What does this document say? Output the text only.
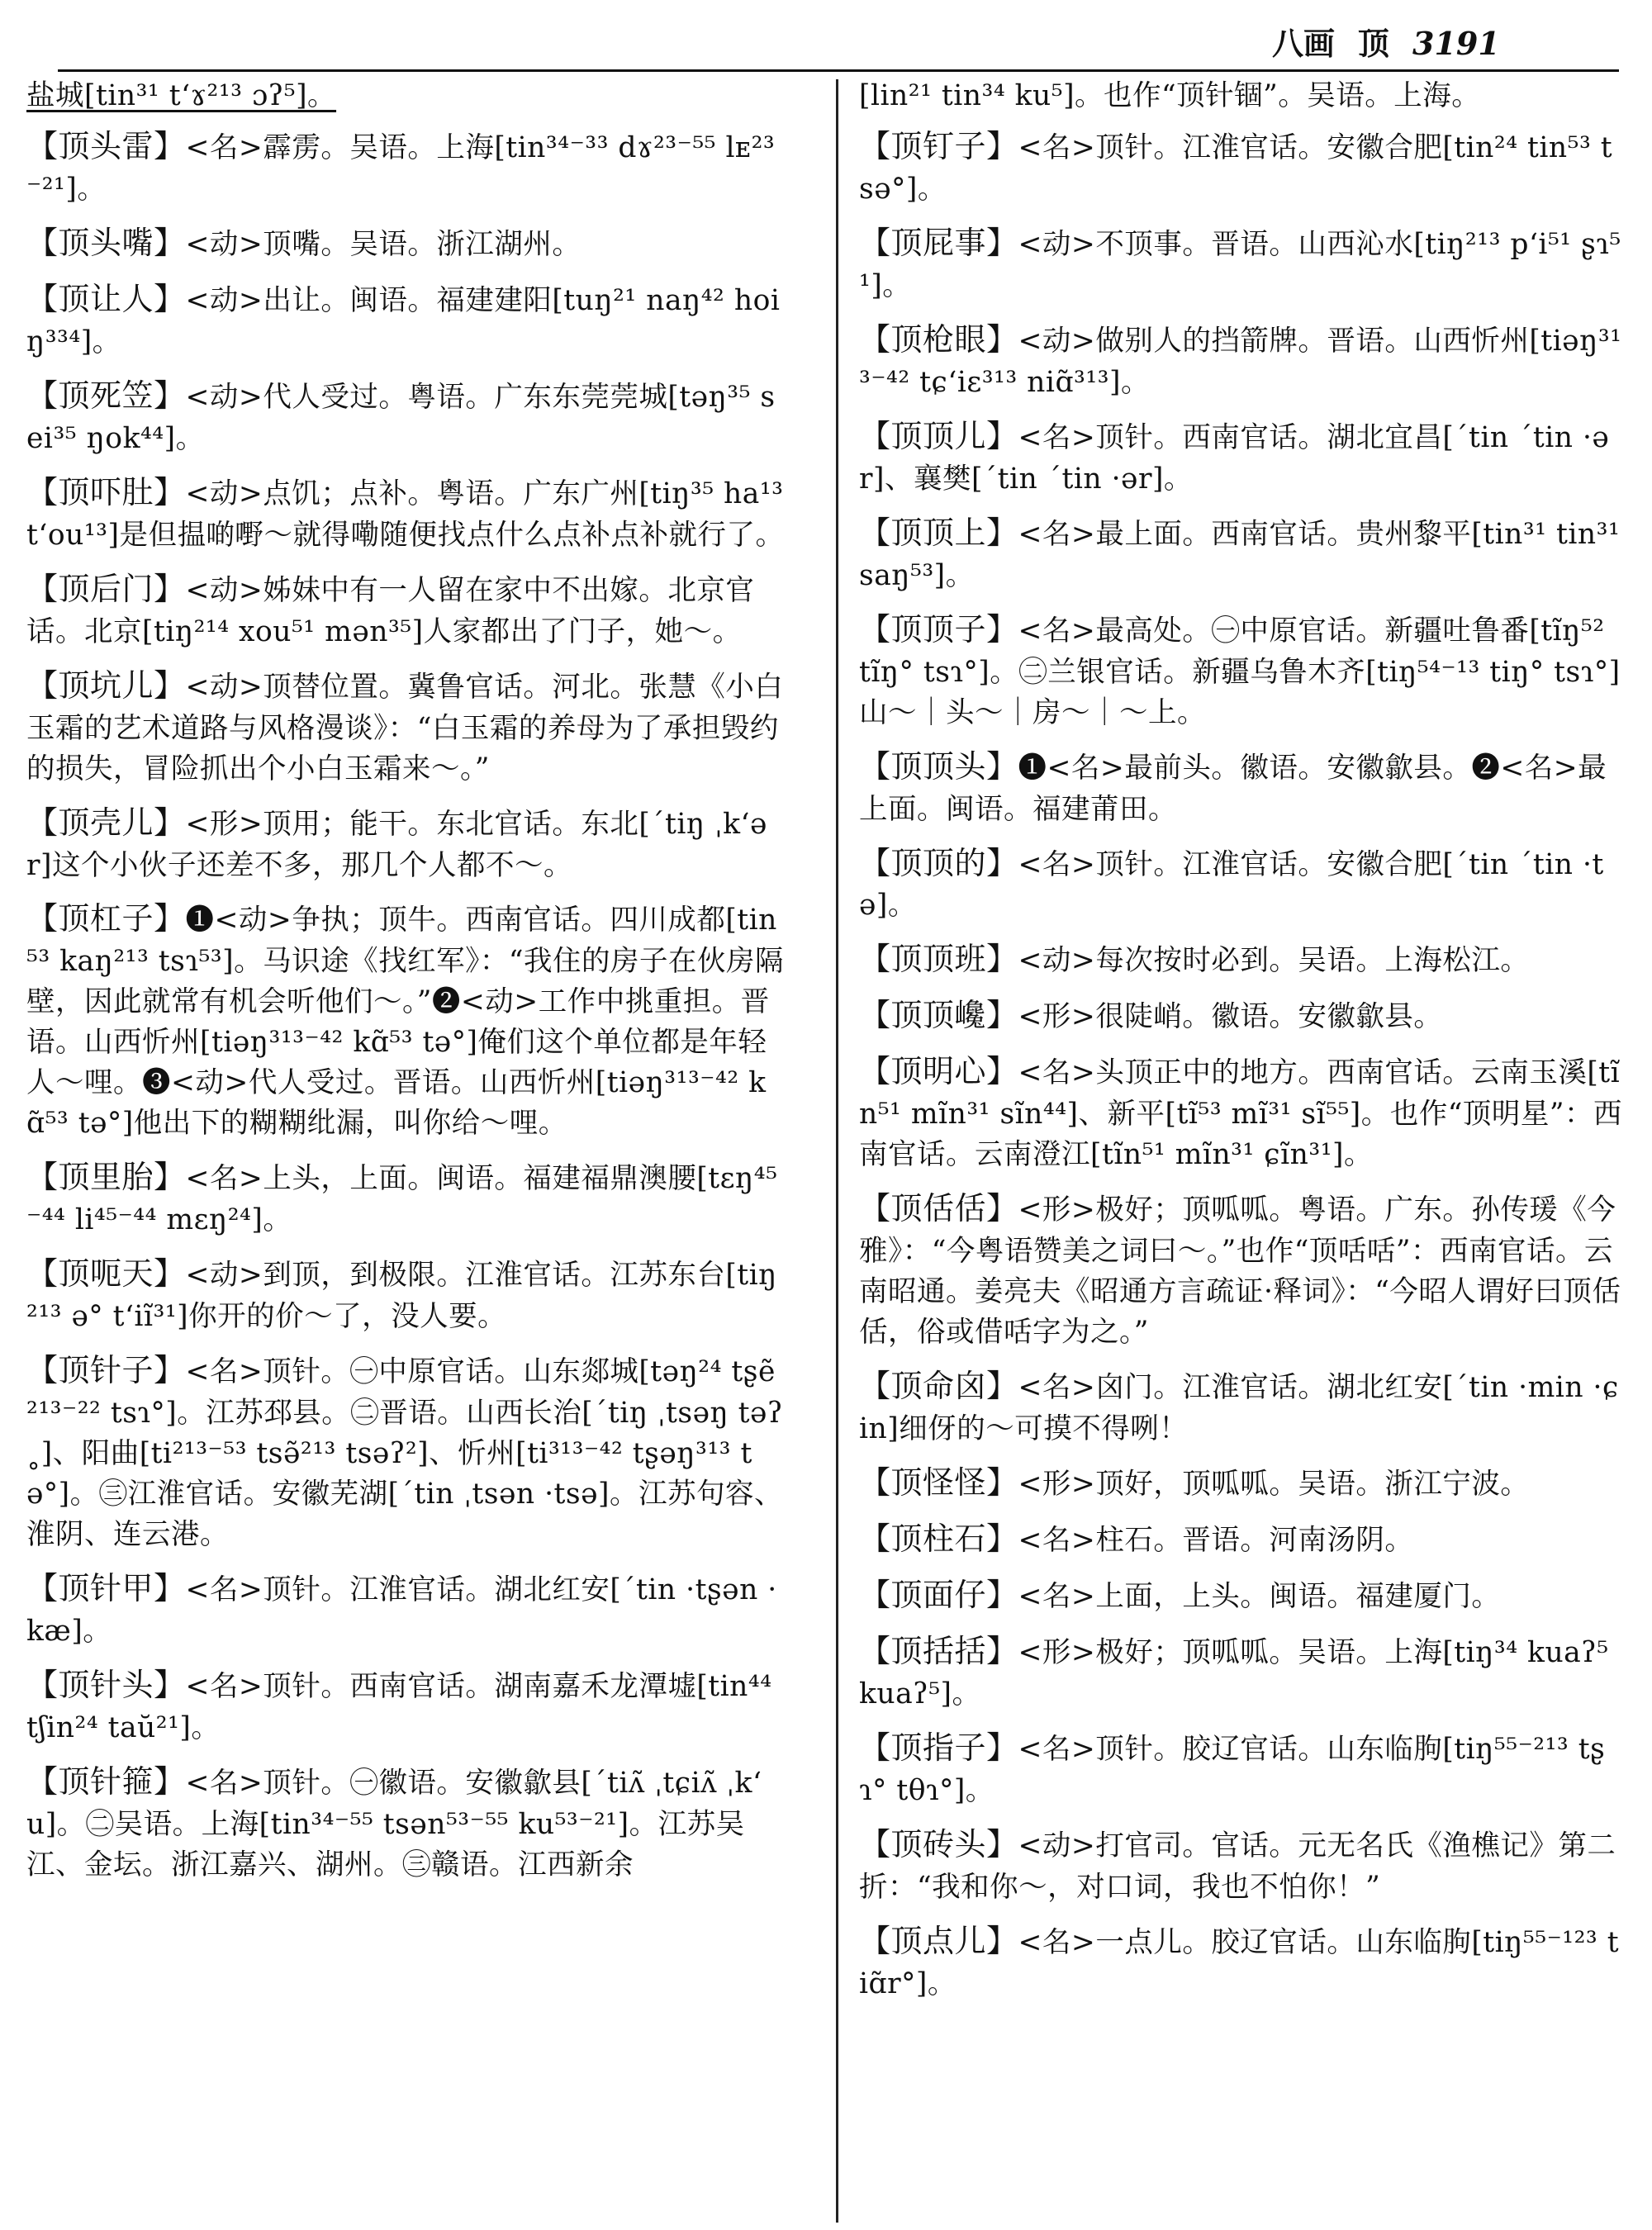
八画 顶 3191

盐城[tin³¹ tʻɤ²¹³ ɔʔ⁵]。

【顶头雷】<名>霹雳。吴语。上海[tin³⁴⁻³³ dɤ²³⁻⁵⁵ lᴇ²³⁻²¹]。

【顶头嘴】<动>顶嘴。吴语。浙江湖州。

【顶让人】<动>出让。闽语。福建建阳[tuŋ²¹ naŋ⁴² hoiŋ³³⁴]。

【顶死笠】<动>代人受过。粤语。广东东莞莞城[təŋ³⁵ sei³⁵ ŋok⁴⁴]。

【顶吓肚】<动>点饥；点补。粤语。广东广州[tiŋ³⁵ ha¹³ tʻou¹³]是但揾啲嘢～就得嘞随便找点什么点补点补就行了。

【顶后门】<动>姊妹中有一人留在家中不出嫁。北京官话。北京[tiŋ²¹⁴ xou⁵¹ mən³⁵]人家都出了门子，她～。

【顶坑儿】<动>顶替位置。冀鲁官话。河北。张慧《小白玉霜的艺术道路与风格漫谈》：“白玉霜的养母为了承担毁约的损失，冒险抓出个小白玉霜来～。”

【顶壳儿】<形>顶用；能干。东北官话。东北[ˊtiŋ ˌkʻər]这个小伙子还差不多，那几个人都不～。

【顶杠子】❶<动>争执；顶牛。西南官话。四川成都[tin⁵³ kaŋ²¹³ tsɿ⁵³]。马识途《找红军》：“我住的房子在伙房隔壁，因此就常有机会听他们～。”❷<动>工作中挑重担。晋语。山西忻州[tiəŋ³¹³⁻⁴² kɑ̃⁵³ tə°]俺们这个单位都是年轻人～哩。❸<动>代人受过。晋语。山西忻州[tiəŋ³¹³⁻⁴² kɑ̃⁵³ tə°]他出下的糊糊纰漏，叫你给～哩。

【顶里胎】<名>上头，上面。闽语。福建福鼎澳腰[tɛŋ⁴⁵⁻⁴⁴ li⁴⁵⁻⁴⁴ mɛŋ²⁴]。

【顶呃天】<动>到顶，到极限。江淮官话。江苏东台[tiŋ²¹³ ə° tʻiĩ³¹]你开的价～了，没人要。

【顶针子】<名>顶针。㊀中原官话。山东郯城[təŋ²⁴ tʂẽ²¹³⁻²² tsɿ°]。江苏邳县。㊁晋语。山西长治[ˊtiŋ ˌtsəŋ təʔ˳]、阳曲[ti²¹³⁻⁵³ tsə̃²¹³ tsəʔ²]、忻州[ti³¹³⁻⁴² tʂəŋ³¹³ tə°]。㊂江淮官话。安徽芜湖[ˊtin ˌtsən ·tsə]。江苏句容、淮阴、连云港。

【顶针甲】<名>顶针。江淮官话。湖北红安[ˊtin ·tʂən ·kæ]。

【顶针头】<名>顶针。西南官话。湖南嘉禾龙潭墟[tin⁴⁴ tʃin²⁴ taŭ²¹]。

【顶针箍】<名>顶针。㊀徽语。安徽歙县[ˊtiʌ̃ ˌtɕiʌ̃ ˌkʻu]。㊁吴语。上海[tin³⁴⁻⁵⁵ tsən⁵³⁻⁵⁵ ku⁵³⁻²¹]。江苏吴江、金坛。浙江嘉兴、湖州。㊂赣语。江西新余

[lin²¹ tin³⁴ ku⁵]。也作“顶针锢”。吴语。上海。

【顶钉子】<名>顶针。江淮官话。安徽合肥[tin²⁴ tin⁵³ tsə°]。

【顶屁事】<动>不顶事。晋语。山西沁水[tiŋ²¹³ pʻi⁵¹ ʂɿ⁵¹]。

【顶枪眼】<动>做别人的挡箭牌。晋语。山西忻州[tiəŋ³¹³⁻⁴² tɕʻiɛ³¹³ niɑ̃³¹³]。

【顶顶儿】<名>顶针。西南官话。湖北宜昌[ˊtin ˊtin ·ər]、襄樊[ˊtin ˊtin ·ər]。

【顶顶上】<名>最上面。西南官话。贵州黎平[tin³¹ tin³¹ saŋ⁵³]。

【顶顶子】<名>最高处。㊀中原官话。新疆吐鲁番[tĩŋ⁵² tĩŋ° tsɿ°]。㊁兰银官话。新疆乌鲁木齐[tiŋ⁵⁴⁻¹³ tiŋ° tsɿ°]山～｜头～｜房～｜～上。

【顶顶头】❶<名>最前头。徽语。安徽歙县。❷<名>最上面。闽语。福建莆田。

【顶顶的】<名>顶针。江淮官话。安徽合肥[ˊtin ˊtin ·tə]。

【顶顶班】<动>每次按时必到。吴语。上海松江。

【顶顶巉】<形>很陡峭。徽语。安徽歙县。

【顶明心】<名>头顶正中的地方。西南官话。云南玉溪[tĩn⁵¹ mĩn³¹ sĩn⁴⁴]、新平[tĩ⁵³ mĩ³¹ sĩ⁵⁵]。也作“顶明星”：西南官话。云南澄江[tĩn⁵¹ mĩn³¹ ɕĩn³¹]。

【顶佸佸】<形>极好；顶呱呱。粤语。广东。孙传瑗《今雅》：“今粤语赞美之词曰～。”也作“顶咶咶”：西南官话。云南昭通。姜亮夫《昭通方言疏证·释词》：“今昭人谓好曰顶佸佸，俗或借咶字为之。”

【顶命囟】<名>囟门。江淮官话。湖北红安[ˊtin ·min ·ɕin]细伢的～可摸不得咧！

【顶怪怪】<形>顶好，顶呱呱。吴语。浙江宁波。

【顶柱石】<名>柱石。晋语。河南汤阴。

【顶面仔】<名>上面，上头。闽语。福建厦门。

【顶括括】<形>极好；顶呱呱。吴语。上海[tiŋ³⁴ kuaʔ⁵ kuaʔ⁵]。

【顶指子】<名>顶针。胶辽官话。山东临朐[tiŋ⁵⁵⁻²¹³ tʂɿ° tθɿ°]。

【顶砖头】<动>打官司。官话。元无名氏《渔樵记》第二折：“我和你～，对口词，我也不怕你！”

【顶点儿】<名>一点儿。胶辽官话。山东临朐[tiŋ⁵⁵⁻¹²³ tiɑ̃r°]。
